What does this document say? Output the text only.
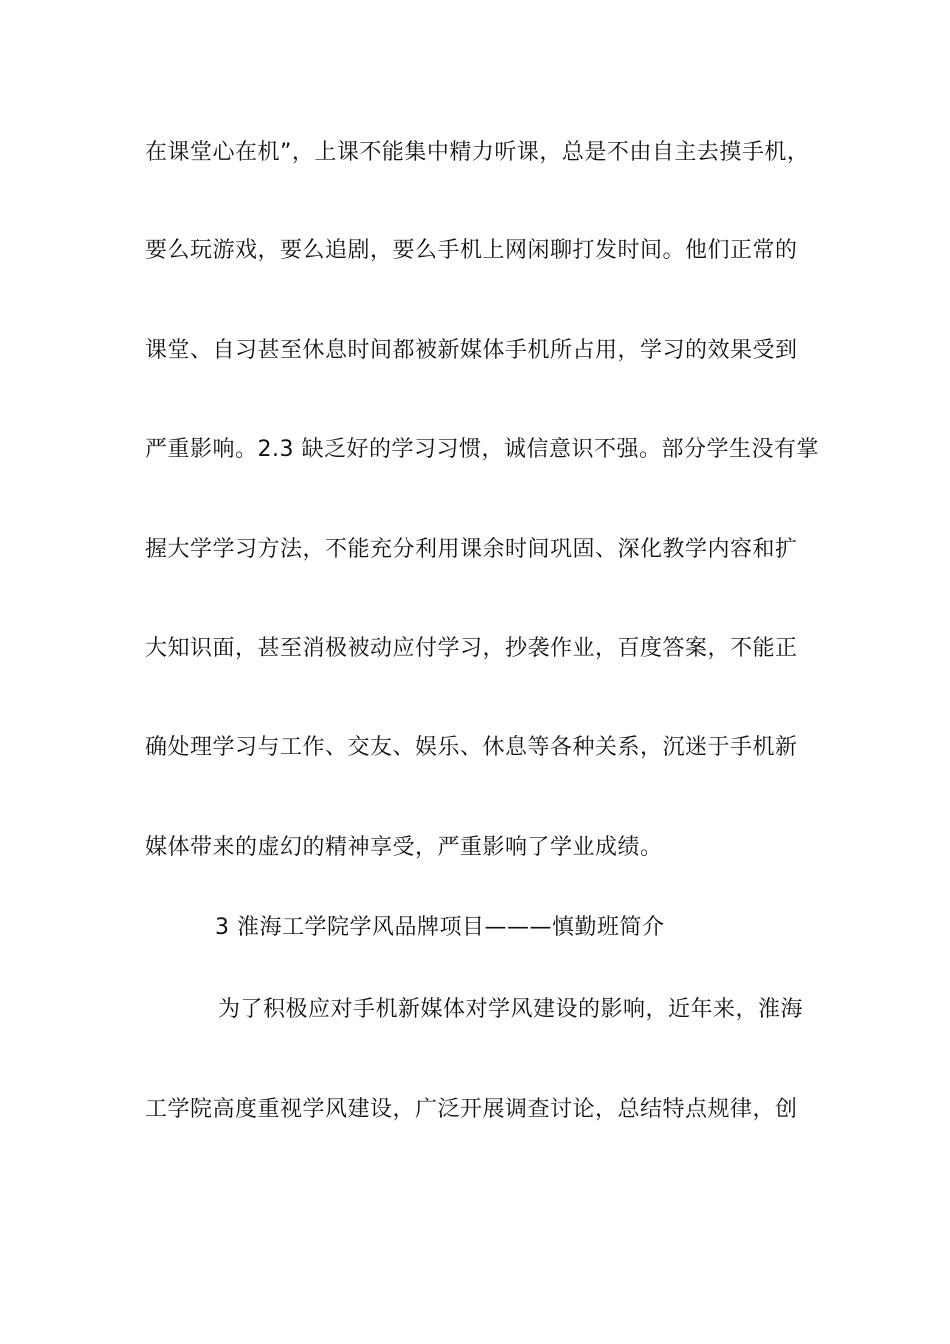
在课堂心在机”，上课不能集中精力听课，总是不由自主去摸手机，
要么玩游戏，要么追剧，要么手机上网闲聊打发时间。他们正常的
课堂、自习甚至休息时间都被新媒体手机所占用，学习的效果受到
严重影响。2.3 缺乏好的学习习惯，诚信意识不强。部分学生没有掌
握大学学习方法，不能充分利用课余时间巩固、深化教学内容和扩
大知识面，甚至消极被动应付学习，抄袭作业，百度答案，不能正
确处理学习与工作、交友、娱乐、休息等各种关系，沉迷于手机新
媒体带来的虚幻的精神享受，严重影响了学业成绩。
3 淮海工学院学风品牌项目———慎勤班简介
为了积极应对手机新媒体对学风建设的影响，近年来，淮海
工学院高度重视学风建设，广泛开展调查讨论，总结特点规律，创
